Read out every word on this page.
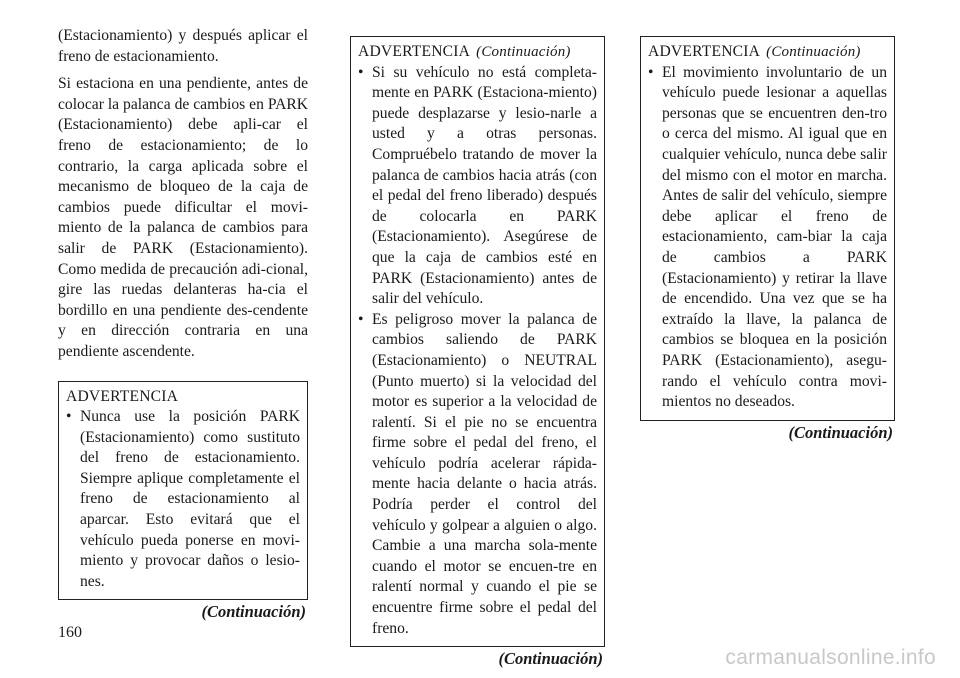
(Estacionamiento) y después aplicar el freno de estacionamiento.

Si estaciona en una pendiente, antes de colocar la palanca de cambios en PARK (Estacionamiento) debe apli-car el freno de estacionamiento; de lo contrario, la carga aplicada sobre el mecanismo de bloqueo de la caja de cambios puede dificultar el movi-miento de la palanca de cambios para salir de PARK (Estacionamiento). Como medida de precaución adi-cional, gire las ruedas delanteras ha-cia el bordillo en una pendiente des-cendente y en dirección contraria en una pendiente ascendente.

ADVERTENCIA
• Nunca use la posición PARK (Estacionamiento) como sustituto del freno de estacionamiento. Siempre aplique completamente el freno de estacionamiento al aparcar. Esto evitará que el vehículo pueda ponerse en movi-miento y provocar daños o lesio-nes.
(Continuación)
ADVERTENCIA (Continuación)
• Si su vehículo no está completa-mente en PARK (Estaciona-miento) puede desplazarse y lesio-narle a usted y a otras personas. Compruébelo tratando de mover la palanca de cambios hacia atrás (con el pedal del freno liberado) después de colocarla en PARK (Estacionamiento). Asegúrese de que la caja de cambios esté en PARK (Estacionamiento) antes de salir del vehículo.
• Es peligroso mover la palanca de cambios saliendo de PARK (Estacionamiento) o NEUTRAL (Punto muerto) si la velocidad del motor es superior a la velocidad de ralentí. Si el pie no se encuentra firme sobre el pedal del freno, el vehículo podría acelerar rápida-mente hacia delante o hacia atrás. Podría perder el control del vehículo y golpear a alguien o algo. Cambie a una marcha sola-mente cuando el motor se encuen-tre en ralentí normal y cuando el pie se encuentre firme sobre el pedal del freno.
(Continuación)
ADVERTENCIA (Continuación)
• El movimiento involuntario de un vehículo puede lesionar a aquellas personas que se encuentren den-tro o cerca del mismo. Al igual que en cualquier vehículo, nunca debe salir del mismo con el motor en marcha. Antes de salir del vehículo, siempre debe aplicar el freno de estacionamiento, cam-biar la caja de cambios a PARK (Estacionamiento) y retirar la llave de encendido. Una vez que se ha extraído la llave, la palanca de cambios se bloquea en la posición PARK (Estacionamiento), asegu-rando el vehículo contra movi-mientos no deseados.
(Continuación)
160
carmanualsonline.info
